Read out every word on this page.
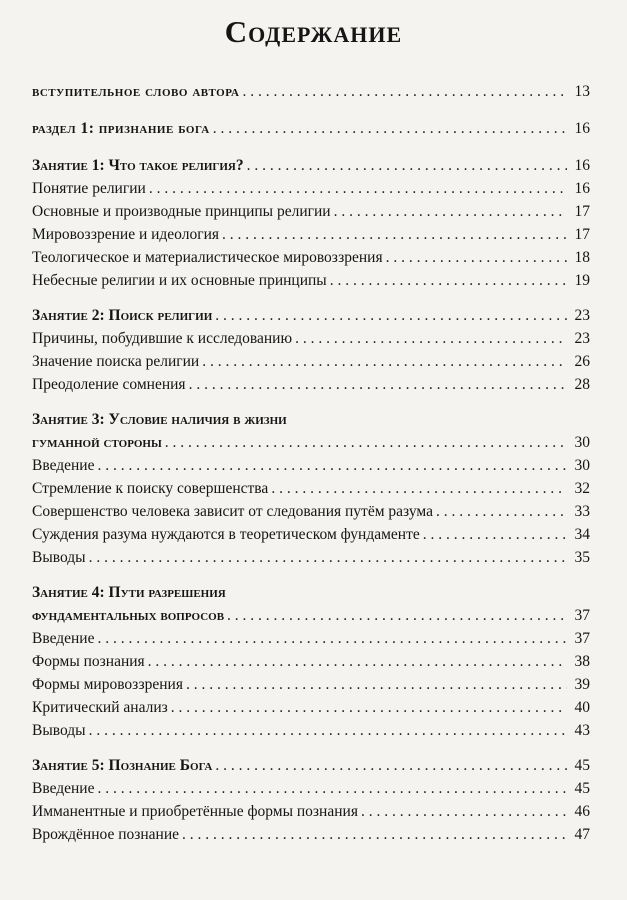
Содержание
вступительное слово автора . . .	13
раздел 1: признание бога . . .	16
Занятие 1: Что такое религия? . . .	16
Понятие религии . . .	16
Основные и производные принципы религии . . .	17
Мировоззрение и идеология . . .	17
Теологическое и материалистическое мировоззрения . . .	18
Небесные религии и их основные принципы . . .	19
Занятие 2: Поиск религии . . .	23
Причины, побудившие к исследованию . . .	23
Значение поиска религии . . .	26
Преодоление сомнения . . .	28
Занятие 3: Условие наличия в жизни
гуманной стороны . . .	30
Введение . . .	30
Стремление к поиску совершенства . . .	32
Совершенство человека зависит от следования путём разума . . .	33
Суждения разума нуждаются в теоретическом фундаменте . . .	34
Выводы . . .	35
Занятие 4: Пути разрешения
фундаментальных вопросов . . .	37
Введение . . .	37
Формы познания . . .	38
Формы мировоззрения . . .	39
Критический анализ . . .	40
Выводы . . .	43
Занятие 5: Познание Бога . . .	45
Введение . . .	45
Имманентные и приобретённые формы познания . . .	46
Врождённое познание . . .	47
